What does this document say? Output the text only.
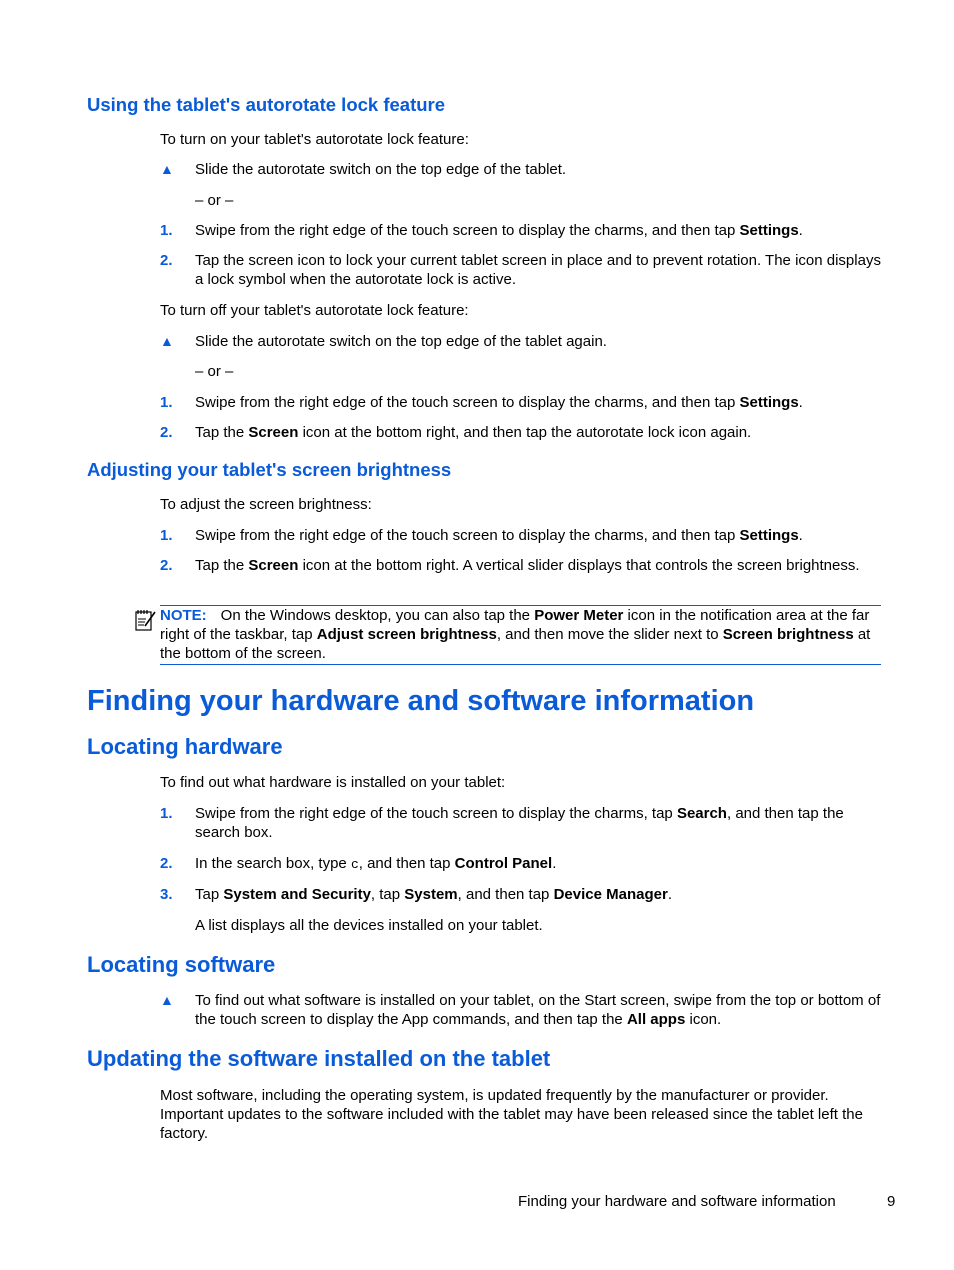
Using the tablet's autorotate lock feature
To turn on your tablet's autorotate lock feature:
▲ Slide the autorotate switch on the top edge of the tablet.
– or –
1. Swipe from the right edge of the touch screen to display the charms, and then tap Settings.
2. Tap the screen icon to lock your current tablet screen in place and to prevent rotation. The icon displays a lock symbol when the autorotate lock is active.
To turn off your tablet's autorotate lock feature:
▲ Slide the autorotate switch on the top edge of the tablet again.
– or –
1. Swipe from the right edge of the touch screen to display the charms, and then tap Settings.
2. Tap the Screen icon at the bottom right, and then tap the autorotate lock icon again.
Adjusting your tablet's screen brightness
To adjust the screen brightness:
1. Swipe from the right edge of the touch screen to display the charms, and then tap Settings.
2. Tap the Screen icon at the bottom right. A vertical slider displays that controls the screen brightness.
NOTE: On the Windows desktop, you can also tap the Power Meter icon in the notification area at the far right of the taskbar, tap Adjust screen brightness, and then move the slider next to Screen brightness at the bottom of the screen.
Finding your hardware and software information
Locating hardware
To find out what hardware is installed on your tablet:
1. Swipe from the right edge of the touch screen to display the charms, tap Search, and then tap the search box.
2. In the search box, type c, and then tap Control Panel.
3. Tap System and Security, tap System, and then tap Device Manager.
A list displays all the devices installed on your tablet.
Locating software
▲ To find out what software is installed on your tablet, on the Start screen, swipe from the top or bottom of the touch screen to display the App commands, and then tap the All apps icon.
Updating the software installed on the tablet
Most software, including the operating system, is updated frequently by the manufacturer or provider. Important updates to the software included with the tablet may have been released since the tablet left the factory.
Finding your hardware and software information	9
